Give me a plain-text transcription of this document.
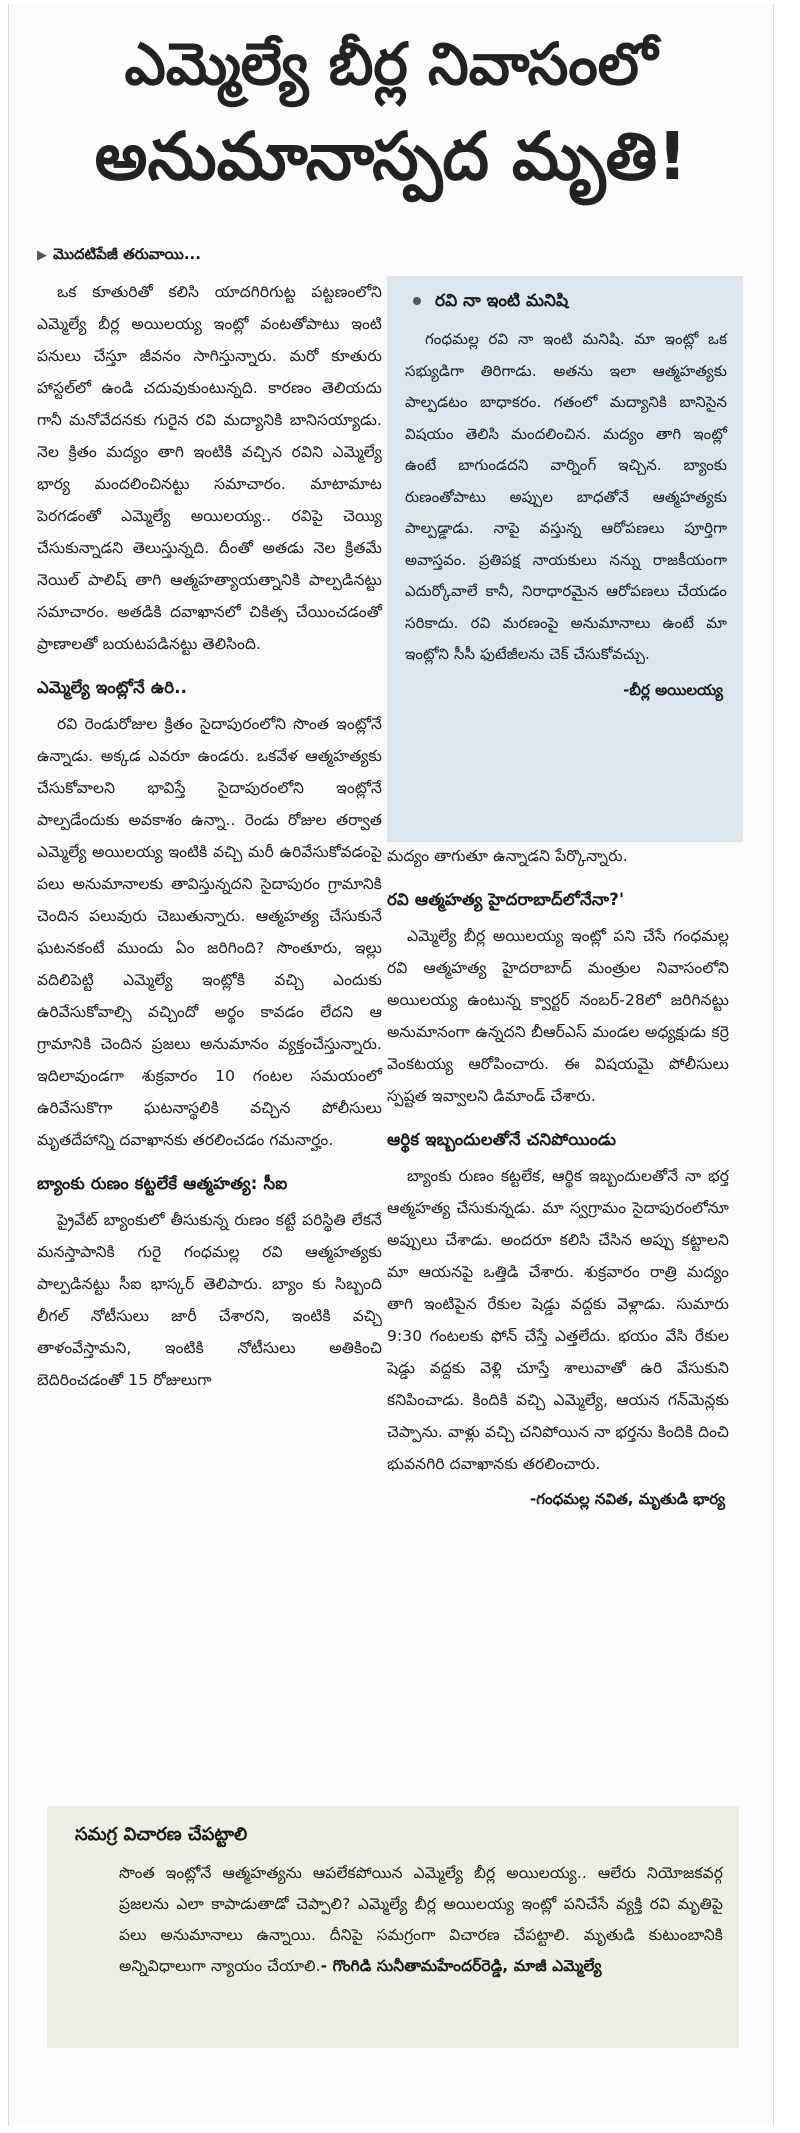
ఎమ్మెల్యే బీర్ల నివాసంలో
అనుమానాస్పద మృతి!
▶ మొదటిపేజీ తరువాయి...

ఒక కూతురితో కలిసి యాదగిరిగుట్ట పట్టణంలోని ఎమ్మెల్యే బీర్ల అయిలయ్య ఇంట్లో వంటతోపాటు ఇంటి పనులు చేస్తూ జీవనం సాగిస్తున్నారు. మరో కూతురు హాస్టల్‌లో ఉండి చదువుకుంటున్నది. కారణం తెలియదు గానీ మనోవేదనకు గురైన రవి మద్యానికి బానిసయ్యాడు. నెల క్రితం మద్యం తాగి ఇంటికి వచ్చిన రవిని ఎమ్మెల్యే భార్య మందలించినట్టు సమాచారం. మాటామాట పెరగడంతో ఎమ్మెల్యే అయిలయ్య.. రవిపై చెయ్యి చేసుకున్నాడని తెలుస్తున్నది. దీంతో అతడు నెల క్రితమే నెయిల్ పాలిష్ తాగి ఆత్మహత్యాయత్నానికి పాల్పడినట్టు సమాచారం. అతడికి దవాఖానలో చికిత్స చేయించడంతో ప్రాణాలతో బయటపడినట్టు తెలిసింది.

ఎమ్మెల్యే ఇంట్లోనే ఉరి..

రవి రెండురోజుల క్రితం సైదాపురంలోని సొంత ఇంట్లోనే ఉన్నాడు. అక్కడ ఎవరూ ఉండరు. ఒకవేళ ఆత్మహత్యకు చేసుకోవాలని భావిస్తే సైదాపురంలోని ఇంట్లోనే పాల్పడేందుకు అవకాశం ఉన్నా.. రెండు రోజుల తర్వాత ఎమ్మెల్యే అయిలయ్య ఇంటికి వచ్చి మరీ ఉరివేసుకోవడంపై పలు అనుమానాలకు తావిస్తున్నదని సైదాపురం గ్రామానికి చెందిన పలువురు చెబుతున్నారు. ఆత్మహత్య చేసుకునే ఘటనకంటే ముందు ఏం జరిగింది? సొంతూరు, ఇల్లు వదిలిపెట్టి ఎమ్మెల్యే ఇంట్లోకి వచ్చి ఎందుకు ఉరివేసుకోవాల్సి వచ్చిందో అర్థం కావడం లేదని ఆ గ్రామానికి చెందిన ప్రజలు అనుమానం వ్యక్తంచేస్తున్నారు. ఇదిలావుండగా శుక్రవారం 10 గంటల సమయంలో ఉరివేసుకొగా ఘటనాస్థలికి వచ్చిన పోలీసులు మృతదేహాన్ని దవాఖానకు తరలించడం గమనార్హం.

బ్యాంకు రుణం కట్టలేకే ఆత్మహత్య: సీఐ

ప్రైవేట్ బ్యాంకులో తీసుకున్న రుణం కట్టే పరిస్థితి లేకనే మనస్తాపానికి గురై గంధమల్ల రవి ఆత్మహత్యకు పాల్పడినట్టు సీఐ భాస్కర్ తెలిపారు. బ్యాం కు సిబ్బంది లీగల్ నోటీసులు జారీ చేశారని, ఇంటికి వచ్చి తాళంవేస్తామని, ఇంటికి నోటీసులు అతికించి బెదిరించడంతో 15 రోజులుగా

రవి నా ఇంటి మనిషి

గంధమల్ల రవి నా ఇంటి మనిషి. మా ఇంట్లో ఒక సభ్యుడిగా తిరిగాడు. అతను ఇలా ఆత్మహత్యకు పాల్పడటం బాధాకరం. గతంలో మద్యానికి బానిసైన విషయం తెలిసి మందలించిన. మద్యం తాగి ఇంట్లో ఉంటే బాగుండదని వార్నింగ్ ఇచ్చిన. బ్యాంకు రుణంతోపాటు అప్పుల బాధతోనే ఆత్మహత్యకు పాల్పడ్డాడు. నాపై వస్తున్న ఆరోపణలు పూర్తిగా అవాస్తవం. ప్రతిపక్ష నాయకులు నన్ను రాజకీయంగా ఎదుర్కోవాలే కానీ, నిరాధారమైన ఆరోపణలు చేయడం సరికాదు. రవి మరణంపై అనుమానాలు ఉంటే మా ఇంట్లోని సీసీ ఫుటేజీలను చెక్ చేసుకోవచ్చు.

-బీర్ల అయిలయ్య

మద్యం తాగుతూ ఉన్నాడని పేర్కొన్నారు.

రవి ఆత్మహత్య హైదరాబాద్‌లోనేనా?'

ఎమ్మెల్యే బీర్ల అయిలయ్య ఇంట్లో పని చేసే గంధమల్ల రవి ఆత్మహత్య హైదరాబాద్ మంత్రుల నివాసంలోని అయిలయ్య ఉంటున్న క్వార్టర్ నంబర్-28లో జరిగినట్టు అనుమానంగా ఉన్నదని బీఆర్‌ఎస్ మండల అధ్యక్షుడు కర్రె వెంకటయ్య ఆరోపించారు. ఈ విషయమై పోలీసులు స్పష్టత ఇవ్వాలని డిమాండ్ చేశారు.

ఆర్థిక ఇబ్బందులతోనే చనిపోయిండు

బ్యాంకు రుణం కట్టలేక, ఆర్థిక ఇబ్బందులతోనే నా భర్త ఆత్మహత్య చేసుకున్నడు. మా స్వగ్రామం సైదాపురంలోనూ అప్పులు చేశాడు. అందరూ కలిసి చేసిన అప్పు కట్టాలని మా ఆయనపై ఒత్తిడి చేశారు. శుక్రవారం రాత్రి మద్యం తాగి ఇంటిపైన రేకుల షెడ్డు వద్దకు వెళ్లాడు. సుమారు 9:30 గంటలకు ఫోన్ చేస్తే ఎత్తలేదు. భయం వేసి రేకుల షెడ్డు వద్దకు వెళ్లి చూస్తే శాలువాతో ఉరి వేసుకుని కనిపించాడు. కిందికి వచ్చి ఎమ్మెల్యే, ఆయన గన్‌మెన్లకు చెప్పాను. వాళ్లు వచ్చి చనిపోయిన నా భర్తను కిందికి దించి భువనగిరి దవాఖానకు తరలించారు.

-గంధమల్ల నవిత, మృతుడి భార్య
సమగ్ర విచారణ చేపట్టాలి

సొంత ఇంట్లోనే ఆత్మహత్యను ఆపలేకపోయిన ఎమ్మెల్యే బీర్ల అయిలయ్య.. ఆలేరు నియోజకవర్గ ప్రజలను ఎలా కాపాడుతాడో చెప్పాలి? ఎమ్మెల్యే బీర్ల అయిలయ్య ఇంట్లో పనిచేసే వ్యక్తి రవి మృతిపై పలు అనుమానాలు ఉన్నాయి. దీనిపై సమగ్రంగా విచారణ చేపట్టాలి. మృతుడి కుటుంబానికి అన్నివిధాలుగా న్యాయం చేయాలి.- గొంగిడి సునీతామహేందర్‌రెడ్డి, మాజీ ఎమ్మెల్యే
